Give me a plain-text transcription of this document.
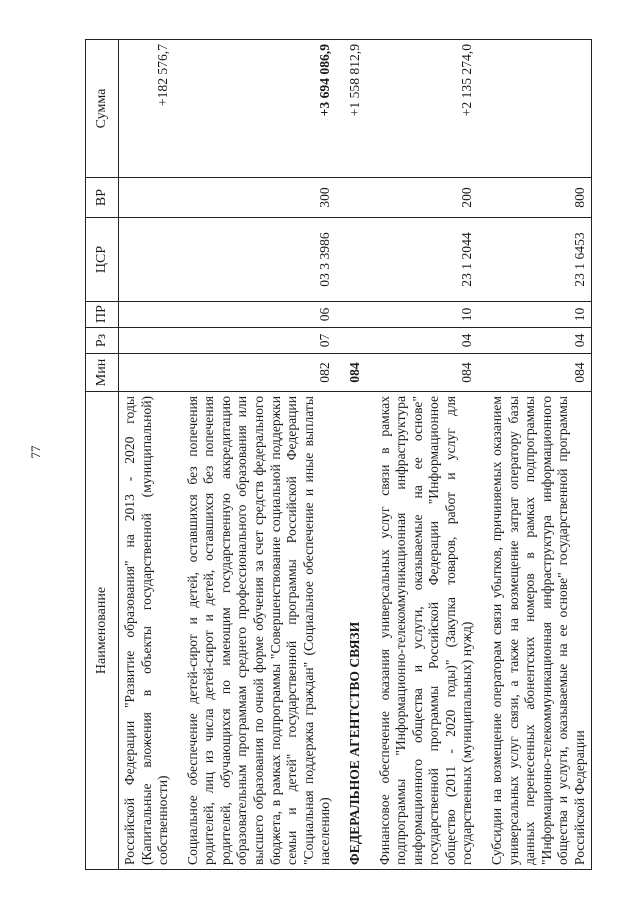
77
Наименование	Мин	Рз	ПР	ЦСР	ВР	Сумма
Российской Федерации "Развитие образования" на 2013 - 2020 годы (Капитальные вложения в объекты государственной (муниципальной) собственности)						+182 576,7
Социальное обеспечение детей-сирот и детей, оставшихся без попечения родителей, лиц из числа детей-сирот и детей, оставшихся без попечения родителей, обучающихся по имеющим государственную аккредитацию образовательным программам среднего профессионального образования или высшего образования по очной форме обучения за счет средств федерального бюджета, в рамках подпрограммы "Совершенствование социальной поддержки семьи и детей" государственной программы Российской Федерации "Социальная поддержка граждан" (Социальное обеспечение и иные выплаты населению)	082	07	06	03 3 3986	300	+3 694 086,9
ФЕДЕРАЛЬНОЕ АГЕНТСТВО СВЯЗИ	084					+1 558 812,9
Финансовое обеспечение оказания универсальных услуг связи в рамках подпрограммы "Информационно-телекоммуникационная инфраструктура информационного общества и услуги, оказываемые на ее основе" государственной программы Российской Федерации "Информационное общество (2011 - 2020 годы)" (Закупка товаров, работ и услуг для государственных (муниципальных) нужд)	084	04	10	23 1 2044	200	+2 135 274,0
Субсидии на возмещение операторам связи убытков, причиняемых оказанием универсальных услуг связи, а также на возмещение затрат оператору базы данных перенесенных абонентских номеров в рамках подпрограммы "Информационно-телекоммуникационная инфраструктура информационного общества и услуги, оказываемые на ее основе" государственной программы Российской Федерации	084	04	10	23 1 6453	800	
